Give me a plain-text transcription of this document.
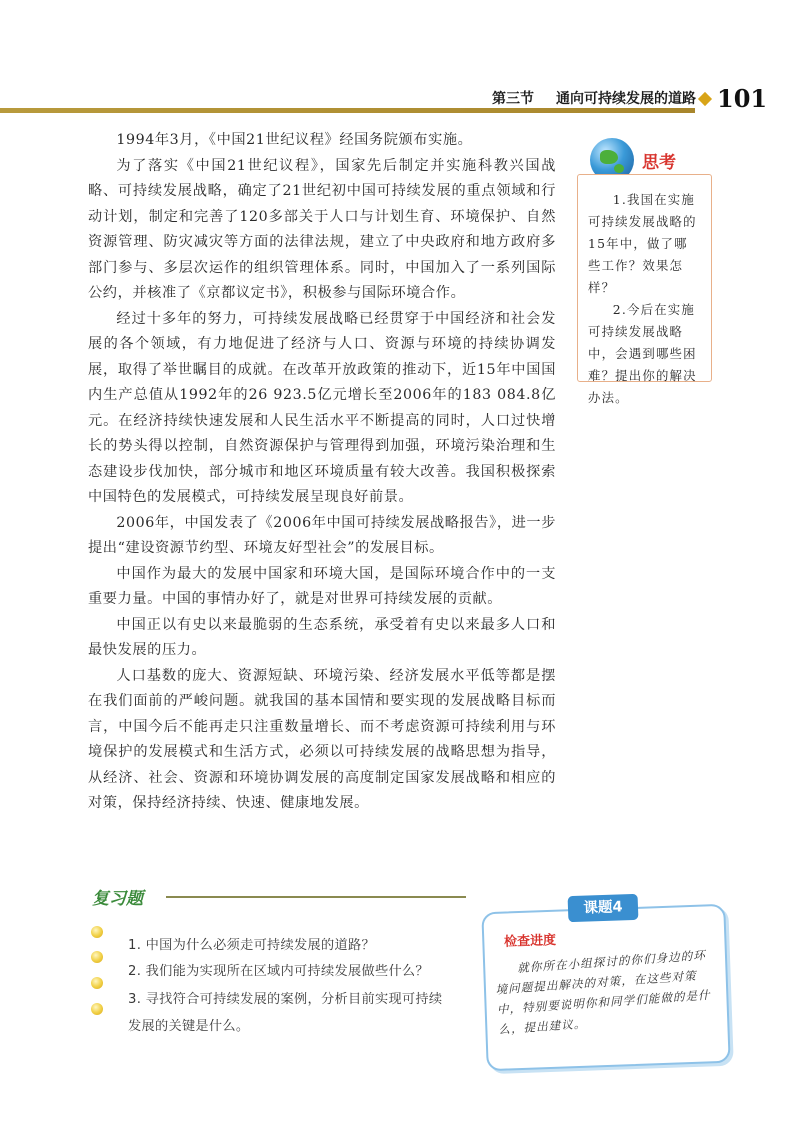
第三节 通向可持续发展的道路 101

1994年3月，《中国21世纪议程》经国务院颁布实施。

为了落实《中国21世纪议程》，国家先后制定并实施科教兴国战略、可持续发展战略，确定了21世纪初中国可持续发展的重点领域和行动计划，制定和完善了120多部关于人口与计划生育、环境保护、自然资源管理、防灾减灾等方面的法律法规，建立了中央政府和地方政府多部门参与、多层次运作的组织管理体系。同时，中国加入了一系列国际公约，并核准了《京都议定书》，积极参与国际环境合作。

经过十多年的努力，可持续发展战略已经贯穿于中国经济和社会发展的各个领域，有力地促进了经济与人口、资源与环境的持续协调发展，取得了举世瞩目的成就。在改革开放政策的推动下，近15年中国国内生产总值从1992年的26 923.5亿元增长至2006年的183 084.8亿元。在经济持续快速发展和人民生活水平不断提高的同时，人口过快增长的势头得以控制，自然资源保护与管理得到加强，环境污染治理和生态建设步伐加快，部分城市和地区环境质量有较大改善。我国积极探索中国特色的发展模式，可持续发展呈现良好前景。

2006年，中国发表了《2006年中国可持续发展战略报告》，进一步提出“建设资源节约型、环境友好型社会”的发展目标。

中国作为最大的发展中国家和环境大国，是国际环境合作中的一支重要力量。中国的事情办好了，就是对世界可持续发展的贡献。

中国正以有史以来最脆弱的生态系统，承受着有史以来最多人口和最快发展的压力。

人口基数的庞大、资源短缺、环境污染、经济发展水平低等都是摆在我们面前的严峻问题。就我国的基本国情和要实现的发展战略目标而言，中国今后不能再走只注重数量增长、而不考虑资源可持续利用与环境保护的发展模式和生活方式，必须以可持续发展的战略思想为指导，从经济、社会、资源和环境协调发展的高度制定国家发展战略和相应的对策，保持经济持续、快速、健康地发展。

思考

1.我国在实施可持续发展战略的15年中，做了哪些工作？效果怎样？

2.今后在实施可持续发展战略中，会遇到哪些困难？提出你的解决办法。

复习题
1. 中国为什么必须走可持续发展的道路？
2. 我们能为实现所在区域内可持续发展做些什么？
3. 寻找符合可持续发展的案例，分析目前实现可持续
发展的关键是什么。
课题4
检查进度

就你所在小组探讨的你们身边的环境问题提出解决的对策，在这些对策中，特别要说明你和同学们能做的是什么，提出建议。
